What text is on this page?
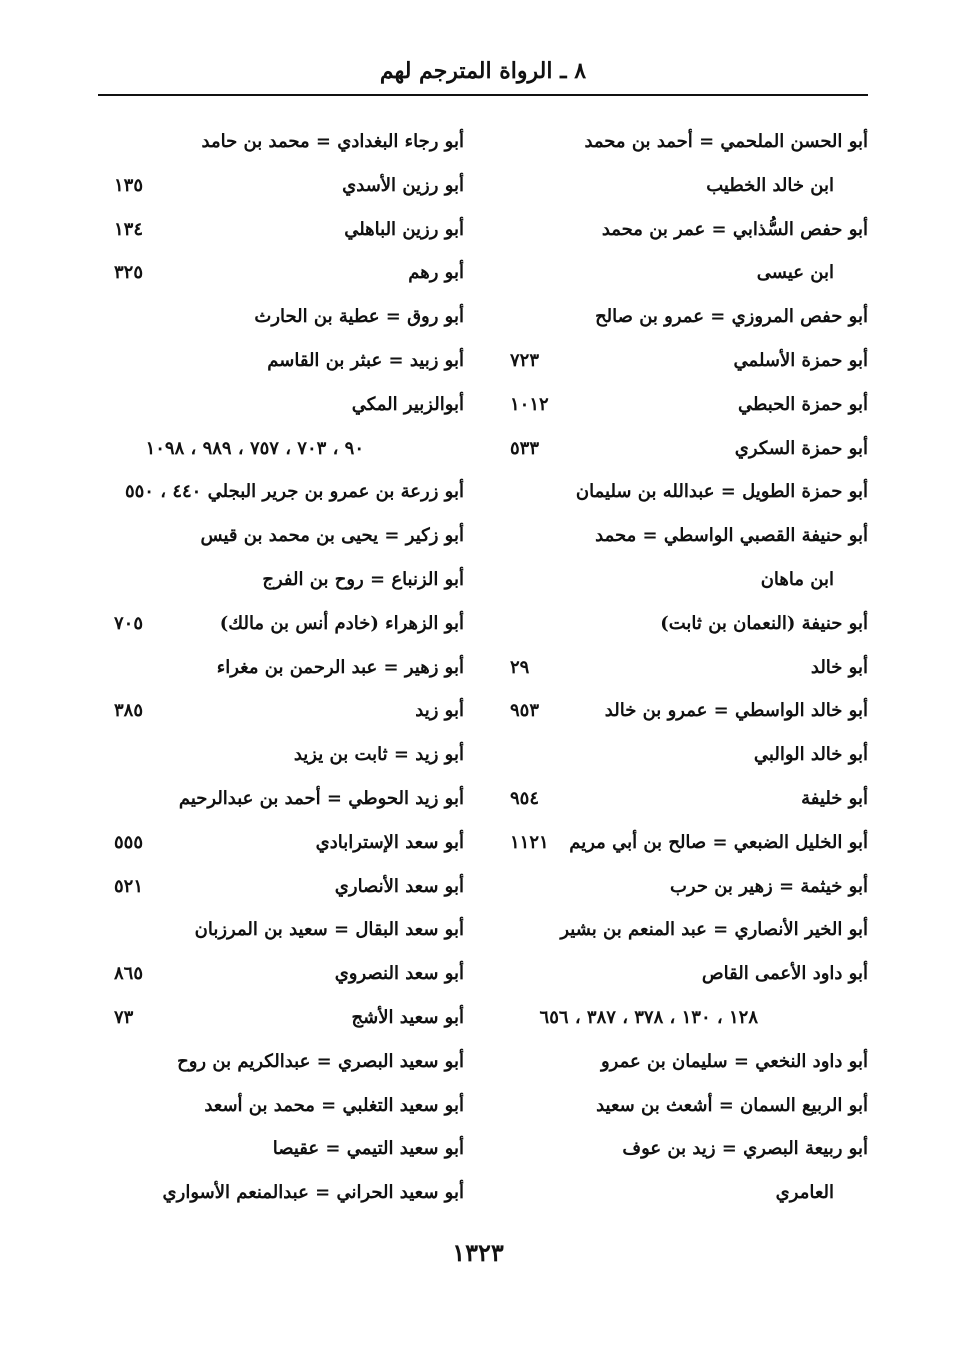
٨ ـ الرواة المترجم لهم
أبو الحسن الملحمي = أحمد بن محمد
ابن خالد الخطيب
أبو حفص السُّذابي = عمر بن محمد
ابن عيسى
أبو حفص المروزي = عمرو بن صالح
أبو حمزة الأسلمي
٧٢٣
أبو حمزة الحبطي
١٠١٢
أبو حمزة السكري
٥٣٣
أبو حمزة الطويل = عبدالله بن سليمان
أبو حنيفة القصبي الواسطي = محمد
ابن ماهان
أبو حنيفة (النعمان بن ثابت)
أبو خالد
٢٩
أبو خالد الواسطي = عمرو بن خالد
٩٥٣
أبو خالد الوالبي
أبو خليفة
٩٥٤
أبو الخليل الضبعي = صالح بن أبي مريم
١١٢١
أبو خيثمة = زهير بن حرب
أبو الخير الأنصاري = عبد المنعم بن بشير
أبو داود الأعمى القاص
١٢٨ ، ١٣٠ ، ٣٧٨ ، ٣٨٧ ، ٦٥٦
أبو داود النخعي = سليمان بن عمرو
أبو الربيع السمان = أشعث بن سعيد
أبو ربيعة البصري = زيد بن عوف
العامري
أبو رجاء البغدادي = محمد بن حامد
أبو رزين الأسدي
١٣٥
أبو رزين الباهلي
١٣٤
أبو رهم
٣٢٥
أبو روق = عطية بن الحارث
أبو زبيد = عبثر بن القاسم
أبوالزبير المكي
٩٠ ، ٧٠٣ ، ٧٥٧ ، ٩٨٩ ، ١٠٩٨
أبو زرعة بن عمرو بن جرير البجلي ٤٤٠ ، ٥٥٠
أبو زكير = يحيى بن محمد بن قيس
أبو الزنباع = روح بن الفرج
أبو الزهراء (خادم أنس بن مالك)
٧٠٥
أبو زهير = عبد الرحمن بن مغراء
أبو زيد
٣٨٥
أبو زيد = ثابت بن يزيد
أبو زيد الحوطي = أحمد بن عبدالرحيم
أبو سعد الإسترابادي
٥٥٥
أبو سعد الأنصاري
٥٢١
أبو سعد البقال = سعيد بن المرزبان
أبو سعد النصروي
٨٦٥
أبو سعيد الأشج
٧٣
أبو سعيد البصري = عبدالكريم بن روح
أبو سعيد التغلبي = محمد بن أسعد
أبو سعيد التيمي = عقيصا
أبو سعيد الحراني = عبدالمنعم الأسواري
١٣٢٣
